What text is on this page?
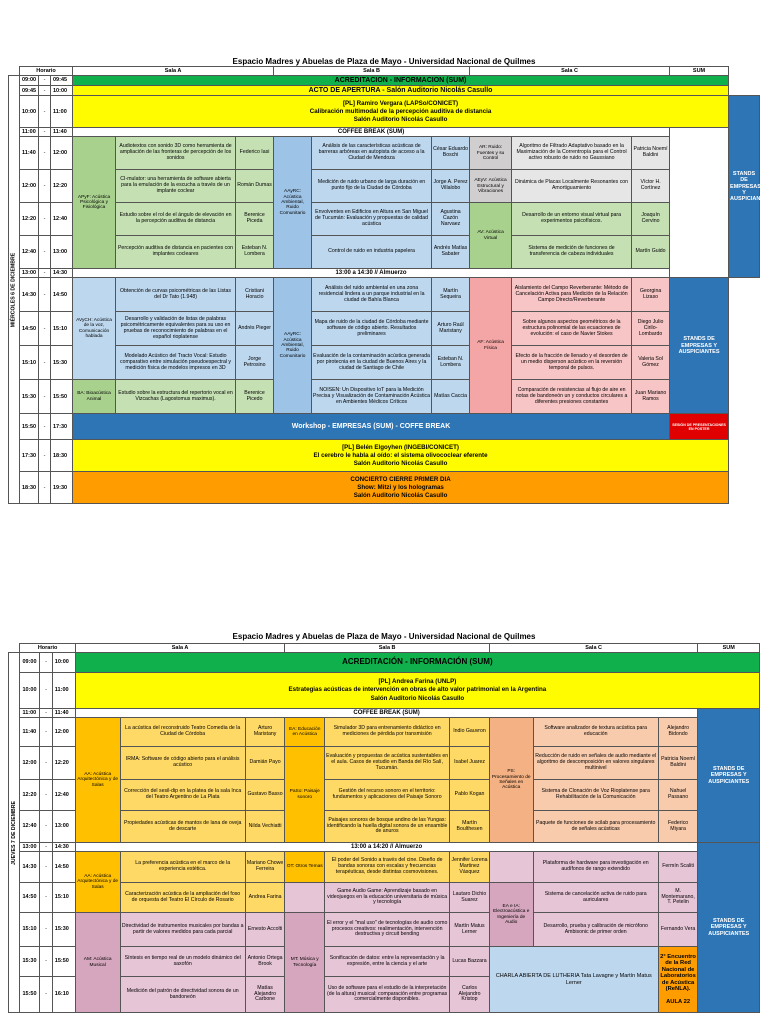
Espacio Madres y Abuelas de Plaza de Mayo - Universidad Nacional de Quilmes
	Horario			Sala A			Sala B			Sala C			SUM	
MIÉRCOLES 6 DE DICIEMBRE	09:00	-	09:45	ACREDITACION - INFORMACION (SUM)										
	09:45	-	10:00	ACTO DE APERTURA - Salón Auditorio Nicolás Casullo										
	10:00	-	11:00	[PL] Ramiro Vergara (LAPSo/CONICET)
Calibración multimodal de la percepción auditiva de distancia
Salón Auditorio Nicolás Casullo										STANDS DE EMPRESAS Y AUSPICIANTES
	11:00	-	11:40	COFFEE BREAK (SUM)										
	11:40	-	12:00	APyF: Acústica Psicológica y Fisiológica	Audiotextos con sonido 3D como herramienta de ampliación de las fronteras de percepción de los sonidos	Federico Iasi	AAyRC: Acústica Ambiental, Ruido Comunitario	Análisis de las características acústicas de barreras arbóreas en autopista de acceso a la Ciudad de Mendoza	César Eduardo Boschi	AR: Ruido: Fuentes y su Control	Algoritmo de Filtrado Adaptativo basado en la Maximización de la Correntropía para el Control activo robusto de ruido no Gaussiano	Patricia Noemí Baldini		
	12:00	-	12:20		CI-mulator: una herramienta de software abierta para la emulación de la escucha a través de un implante coclear	Román Dumas		Medición de ruido urbano de larga duración en punto fijo de la Ciudad de Córdoba	Jorge A. Perez Villalobo	AEyV: Acústica Estructural y Vibraciones	Dinámica de Placas Localmente Resonantes con Amortiguamiento	Víctor H. Cortínez		
	12:20	-	12:40		Estudio sobre el rol de el ángulo de elevación en la percepción auditiva de distancia	Berenice Piceda		Envolventes en Edificios en Altura en San Miguel de Tucumán: Evaluación y propuestas de calidad acústica	Agustina Cazón Narvaez	AV: Acústica Virtual	Desarrollo de un entorno visual virtual para experimentos psicofísicos.	Joaquín Cervino		
	12:40	-	13:00		Percepción auditiva de distancia en pacientes con implantes cocleares	Esteban N. Lombera		Control de ruido en industria papelera	Andrés Matías Sabater		Sistema de medición de funciones de transferencia de cabeza individuales	Martín Guido		
	13:00	-	14:30	13:00 a 14:30 // Almuerzo										
	14:30	-	14:50	AVyCH: Acústica de la voz, Comunicación hablada	Obtención de curvas psicométricas de las Listas del Dr Tato (1.948)	Cristiani Horacio	AAyRC: Acústica Ambiental, Ruido Comunitario	Análisis del ruido ambiental en una zona residencial lindera a un parque industrial en la ciudad de Bahía Blanca	Martín Sequeira	AF: Acústica Física	Aislamiento del Campo Reverberante: Método de Cancelación Activa para Medición de la Relación Campo Directo/Reverberante	Georgina Lizaso	STANDS DE EMPRESAS Y AUSPICIANTES	
	14:50	-	15:10		Desarrollo y validación de listas de palabras psicométricamente equivalentes para su uso en pruebas de reconocimiento de palabras en el español rioplatense	Andrés Pieger		Mapa de ruido de la ciudad de Córdoba mediante software de código abierto. Resultados preliminares	Arturo Raúl Maristany		Sobre algunos aspectos geométricos de la estructura polinomial de las ecuaciones de evolución: el caso de Navier Stokes	Diego Julio Cirilo-Lombardo		
	15:10	-	15:30		Modelado Acústico del Tracto Vocal: Estudio comparativo entre simulación pseudoespectral y medición física de modelos impresos en 3D	Jorge Petrosino		Evaluación de la contaminación acústica generada por pirotecnia en la ciudad de Buenos Aires y la ciudad de Santiago de Chile	Esteban N. Lombera		Efecto de la fracción de llenado y el desorden de un medio disperson acústico en la reversión temporal de pulsos.	Valeria Sol Gómez		
	15:30	-	15:50	BA: Bioacústica Animal	Estudio sobre la estructura del repertorio vocal en Vizcachas (Lagostomus maximus).	Berenice Picedo		NOISEN: Un Dispositivo IoT para la Medición Precisa y Visualización de Contaminación Acústica en Ambientes Médicos Críticos	Matías Caccia		Comparación de resistencias al flujo de aire en notas de bandoneón un y conductos circulares a diferentes presiones constantes	Juan Mariano Ramos		
	15:50	-	17:30	Workshop - EMPRESAS (SUM) - COFFE BREAK									SESIÓN DE PRESENTACIONES EN POSTER	
	17:30	-	18:30	[PL] Belén Elgoyhen (INGEBI/CONICET)
El cerebro le habla al oído: el sistema olivococlear eferente
Salón Auditorio Nicolás Casullo										

	18:30	-	19:30	CONCIERTO CIERRE PRIMER DIA
Show: Mitzi y los hologramas
Salón Auditorio Nicolás Casullo										
Espacio Madres y Abuelas de Plaza de Mayo - Universidad Nacional de Quilmes
	Horario			Sala A			Sala B			Sala C			SUM
JUEVES 7 DE DICIEMBRE	09:00	-	10:00	ACREDITACIÓN - INFORMACIÓN (SUM)									
	10:00	-	11:00	[PL] Andrea Farina (UNLP)
Estrategias acústicas de intervención en obras de alto valor patrimonial en la Argentina
Salón Auditorio Nicolás Casullo									

	11:00	-	11:40	COFFEE BREAK (SUM)									STANDS DE EMPRESAS Y AUSPICIANTES
	11:40	-	12:00	AA: Acústica Arquitectónica y de Salas	La acústica del reconstruido Teatro Comedia de la Ciudad de Córdoba	Arturo Maristany	EA: Educación en Acústica	Simulador 3D para entrenamiento didáctico en mediciones de pérdida por transmisión	Indio Gauvron	PS: Procesamiento de Señales en Acústica	Software analizador de textura acústica para educación	Alejandro Bidondo	
	12:00	-	12:20		IRMA: Software de código abierto para el análisis acústico	Damián Payo	PaSo: Paisaje sonoro	Evaluación y propuestas de acústica sustentables en el aula. Casos de estudio en Banda del Río Salí, Tucumán.	Isabel Juarez		Reducción de ruido en señales de audio mediante el algoritmo de descomposición en valores singulares multinivel	Patricia Noemí Baldini	
	12:20	-	12:40		Corrección del sesil-dip en la platea de la sala Inca del Teatro Argentino de La Plata	Gustavo Basso		Gestión del recurso sonoro en el territorio: fundamentos y aplicaciones del Paisaje Sonoro	Pablo Kogan		Sistema de Clonación de Voz Rioplatense para Rehabilitación de la Comunicación	Nahuel Passano	
	12:40	-	13:00		Propiedades acústicas de mantos de lana de oveja de descarte	Nilda Vechiatti		Paisajes sonoros de bosque andino de las Yungas: identificando la huella digital sonora de un ensamble de anuros	Martín Boulthesen		Paquete de funciones de scilab para procesamiento de señales acústicas	Federico Miyara	
	13:00	-	14:30	13:00 a 14:20 // Almuerzo									STANDS DE EMPRESAS Y AUSPICIANTES
	14:30	-	14:50	AA: Acústica Arquitectónica y de Salas	La preferencia acústica en el marco de la experiencia estética.	Mariano Chowe Ferreira	OT: Otros Temas	El poder del Sonido a través del cine. Diseño de bandas sonoras con escalas y frecuencias terapéuticas, desde distintas cosmovisiones.	Jennifer Lorena Martinez Vásquez		Plataforma de hardware para investigación en audífonos de rango extendido	Fermín Scaliti	
	14:50	-	15:10		Caracterización acústica de la ampliación del foso de orquesta del Teatro El Círculo de Rosario	Andrea Farina		Game Audio Game: Aprendizaje basado en videojuegos en la educación universitaria de música y tecnología	Lautaro Dichio Suarez	EA e IA: Electroacústica e Ingeniería de Audio	Sistema de cancelación activa de ruido para auriculares	M. Montemarano, T. Petelin	
	15:10	-	15:30	AM: Acústica Musical	Directividad de instrumentos musicales por bandas a partir de valores medidos para cada parcial	Ernesto Accolti	MT: Música y Tecnología	El error y el "mal uso" de tecnologías de audio como procesos creativos: realimentación, intervención destructiva y circuit bending	Martín Matus Lerner		Desarrollo, prueba y calibración de micrófono Ambisonic de primer orden	Fernando Vera	
	15:30	-	15:50		Síntesis en tiempo real de un modelo dinámico del saxofón	Antonio Ortega Brook		Sonificación de datos: entre la representación y la expresión, entre la ciencia y el arte	Lucas Bazzara	CHARLA ABIERTA DE LUTHERIA Tata Lavagne y Martín Matus Lerner		2° Encuentro de la Red Nacional de Laboratorios de Acústica (ReNLA).
AULA 22	

	15:50	-	16:10		Medición del patrón de directividad sonora de un bandoneón	Matías Alejandro Carbone		Uso de software para el estudio de la interpretación (de la altura) musical: comparación entre programas comercialmente disponibles.	Carlos Alejandro Kristop				
